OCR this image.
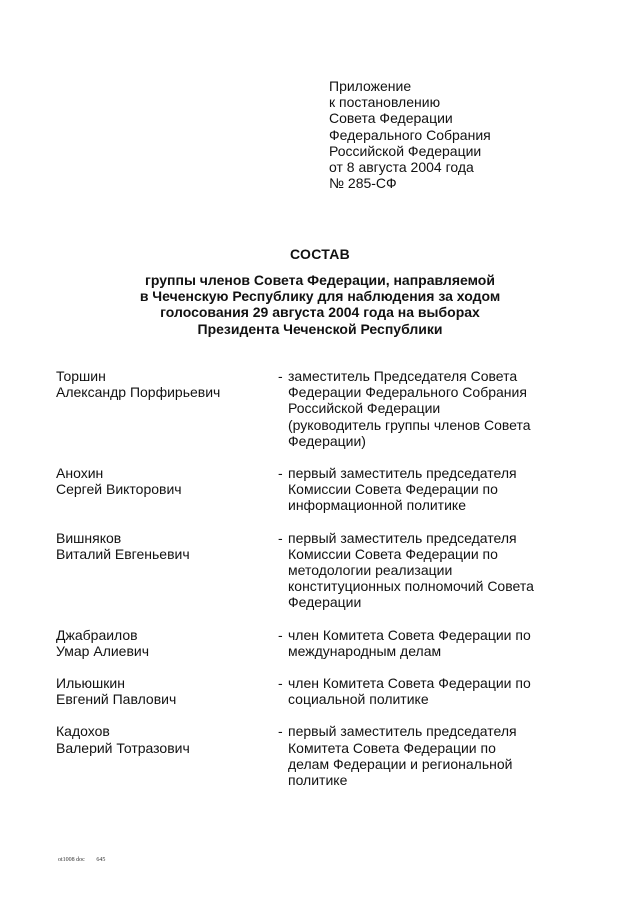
Приложение
к постановлению
Совета Федерации
Федерального Собрания
Российской Федерации
от 8 августа 2004 года
№ 285-СФ
СОСТАВ
группы членов Совета Федерации, направляемой
в Чеченскую Республику для наблюдения за ходом
голосования 29 августа 2004 года на выборах
Президента Чеченской Республики
Торшин
Александр Порфирьевич
- заместитель Председателя Совета
Федерации Федерального Собрания
Российской Федерации
(руководитель группы членов Совета
Федерации)
Анохин
Сергей Викторович
- первый заместитель председателя
Комиссии Совета Федерации по
информационной политике
Вишняков
Виталий Евгеньевич
- первый заместитель председателя
Комиссии Совета Федерации по
методологии реализации
конституционных полномочий Совета
Федерации
Джабраилов
Умар Алиевич
- член Комитета Совета Федерации по
международным делам
Ильюшкин
Евгений Павлович
- член Комитета Совета Федерации по
социальной политике
Кадохов
Валерий Тотразович
- первый заместитель председателя
Комитета Совета Федерации по
делам Федерации и региональной
политике
ot1008 doc 645
